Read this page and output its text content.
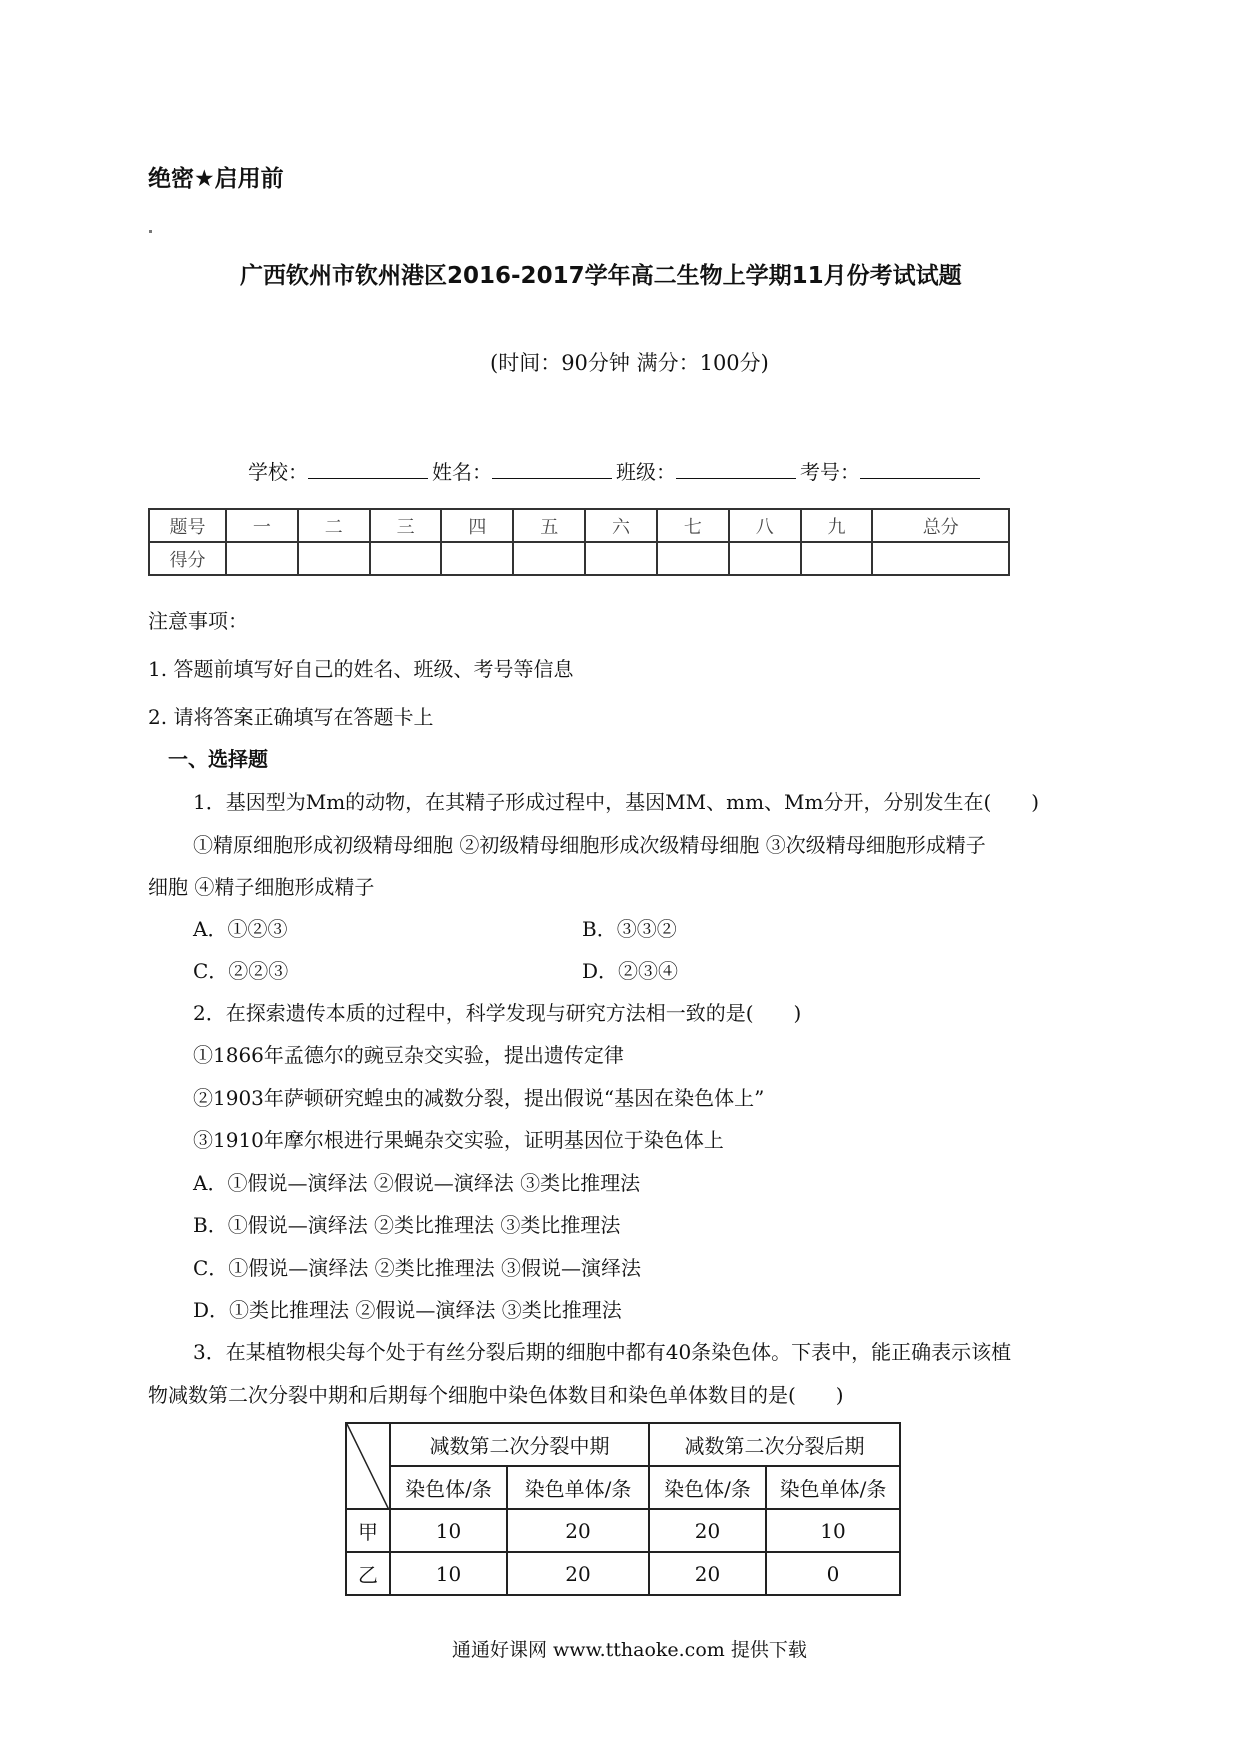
绝密★启用前
广西钦州市钦州港区2016-2017学年高二生物上学期11月份考试试题
(时间：90分钟 满分：100分)
学校：	姓名：	班级：	考号：
题号	一	二	三	四	五	六	七	八	九	总分
得分										
注意事项：
1. 答题前填写好自己的姓名、班级、考号等信息
2. 请将答案正确填写在答题卡上
一、选择题
1．基因型为Mm的动物，在其精子形成过程中，基因MM、mm、Mm分开，分别发生在(　　)
①精原细胞形成初级精母细胞 ②初级精母细胞形成次级精母细胞 ③次级精母细胞形成精子
细胞 ④精子细胞形成精子
A．①②③	B．③③②
C．②②③	D．②③④
2．在探索遗传本质的过程中，科学发现与研究方法相一致的是(　　)
①1866年孟德尔的豌豆杂交实验，提出遗传定律
②1903年萨顿研究蝗虫的减数分裂，提出假说“基因在染色体上”
③1910年摩尔根进行果蝇杂交实验，证明基因位于染色体上
A．①假说—演绎法 ②假说—演绎法 ③类比推理法
B．①假说—演绎法 ②类比推理法 ③类比推理法
C．①假说—演绎法 ②类比推理法 ③假说—演绎法
D．①类比推理法 ②假说—演绎法 ③类比推理法
3．在某植物根尖每个处于有丝分裂后期的细胞中都有40条染色体。下表中，能正确表示该植
物减数第二次分裂中期和后期每个细胞中染色体数目和染色单体数目的是(　　)
	减数第二次分裂中期		减数第二次分裂后期	
	染色体/条	染色单体/条	染色体/条	染色单体/条
甲	10	20	20	10
乙	10	20	20	0
通通好课网 www.tthaoke.com 提供下载
